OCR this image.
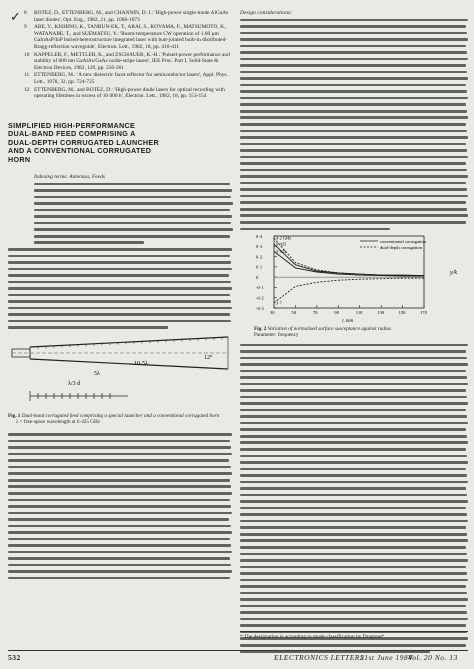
✓ 8	BOTEZ, D., ETTENBERG, M., and CHANNIN, D. J.: 'High-power single-mode AlGaAs laser diodes', Opt. Eng., 1982, 21, pp. 1066-1073
9	ABE, Y., KISHINO, K., TANBUN-EK, T., ARAI, S., KOYAMA, F., MATSUMOTO, K., WATANABE, T., and SUEMATSU, Y.: 'Room-temperature CW operation of 1.60 µm GaInAsP/InP buried-heterostructure integrated laser with butt-jointed built-in distributed-Bragg-reflection waveguide', Electron. Lett., 1982, 18, pp. 410-411
10 KAPPELER, F., METTLER, K., and ZSCHAUER, K.-H.: 'Pulsed-power performance and stability of 800 nm GaAlAs/GaAs oxide-stripe lasers', IEE Proc. Part I, Solid-State & Electron Devices, 1982, 129, pp. 256-261
11 ETTENBERG, M.: 'A new dielectric facet reflector for semiconductor lasers', Appl. Phys. Lett., 1978, 32, pp. 724-725
12 ETTENBERG, M., and BOTEZ, D.: 'High-power diode lasers for optical recording with operating lifetimes in excess of 10 000 h', Electron. Lett., 1982, 18, pp. 153-154
SIMPLIFIED HIGH-PERFORMANCE
DUAL-BAND FEED COMPRISING A
DUAL-DEPTH CORRUGATED LAUNCHER
AND A CONVENTIONAL CORRUGATED
HORN
Indexing terms: Antennas, Feeds
10·5λ
5λ
λ/3 d
12°
Fig. 1 Dual-band corrugated feed comprising a special launcher and a conventional corrugated horn
λ = free-space wavelength at 6·425 GHz
Design considerations:
0·4
0·3
0·2
0·1
0
-0·1
-0·2
-0·3
30	50	70	90	110	130	150	170
6·425
5·925
4·2 GHz
3·7
conventional corrugation
dual-depth corrugation
y/k
r, mm
Fig. 2 Variation of normalised surface susceptance against radius
Parameter: frequency
* The designation is according to mode classification by Dragone*
532	ELECTRONICS LETTERS
21st June 1984
Vol. 20 No. 13
